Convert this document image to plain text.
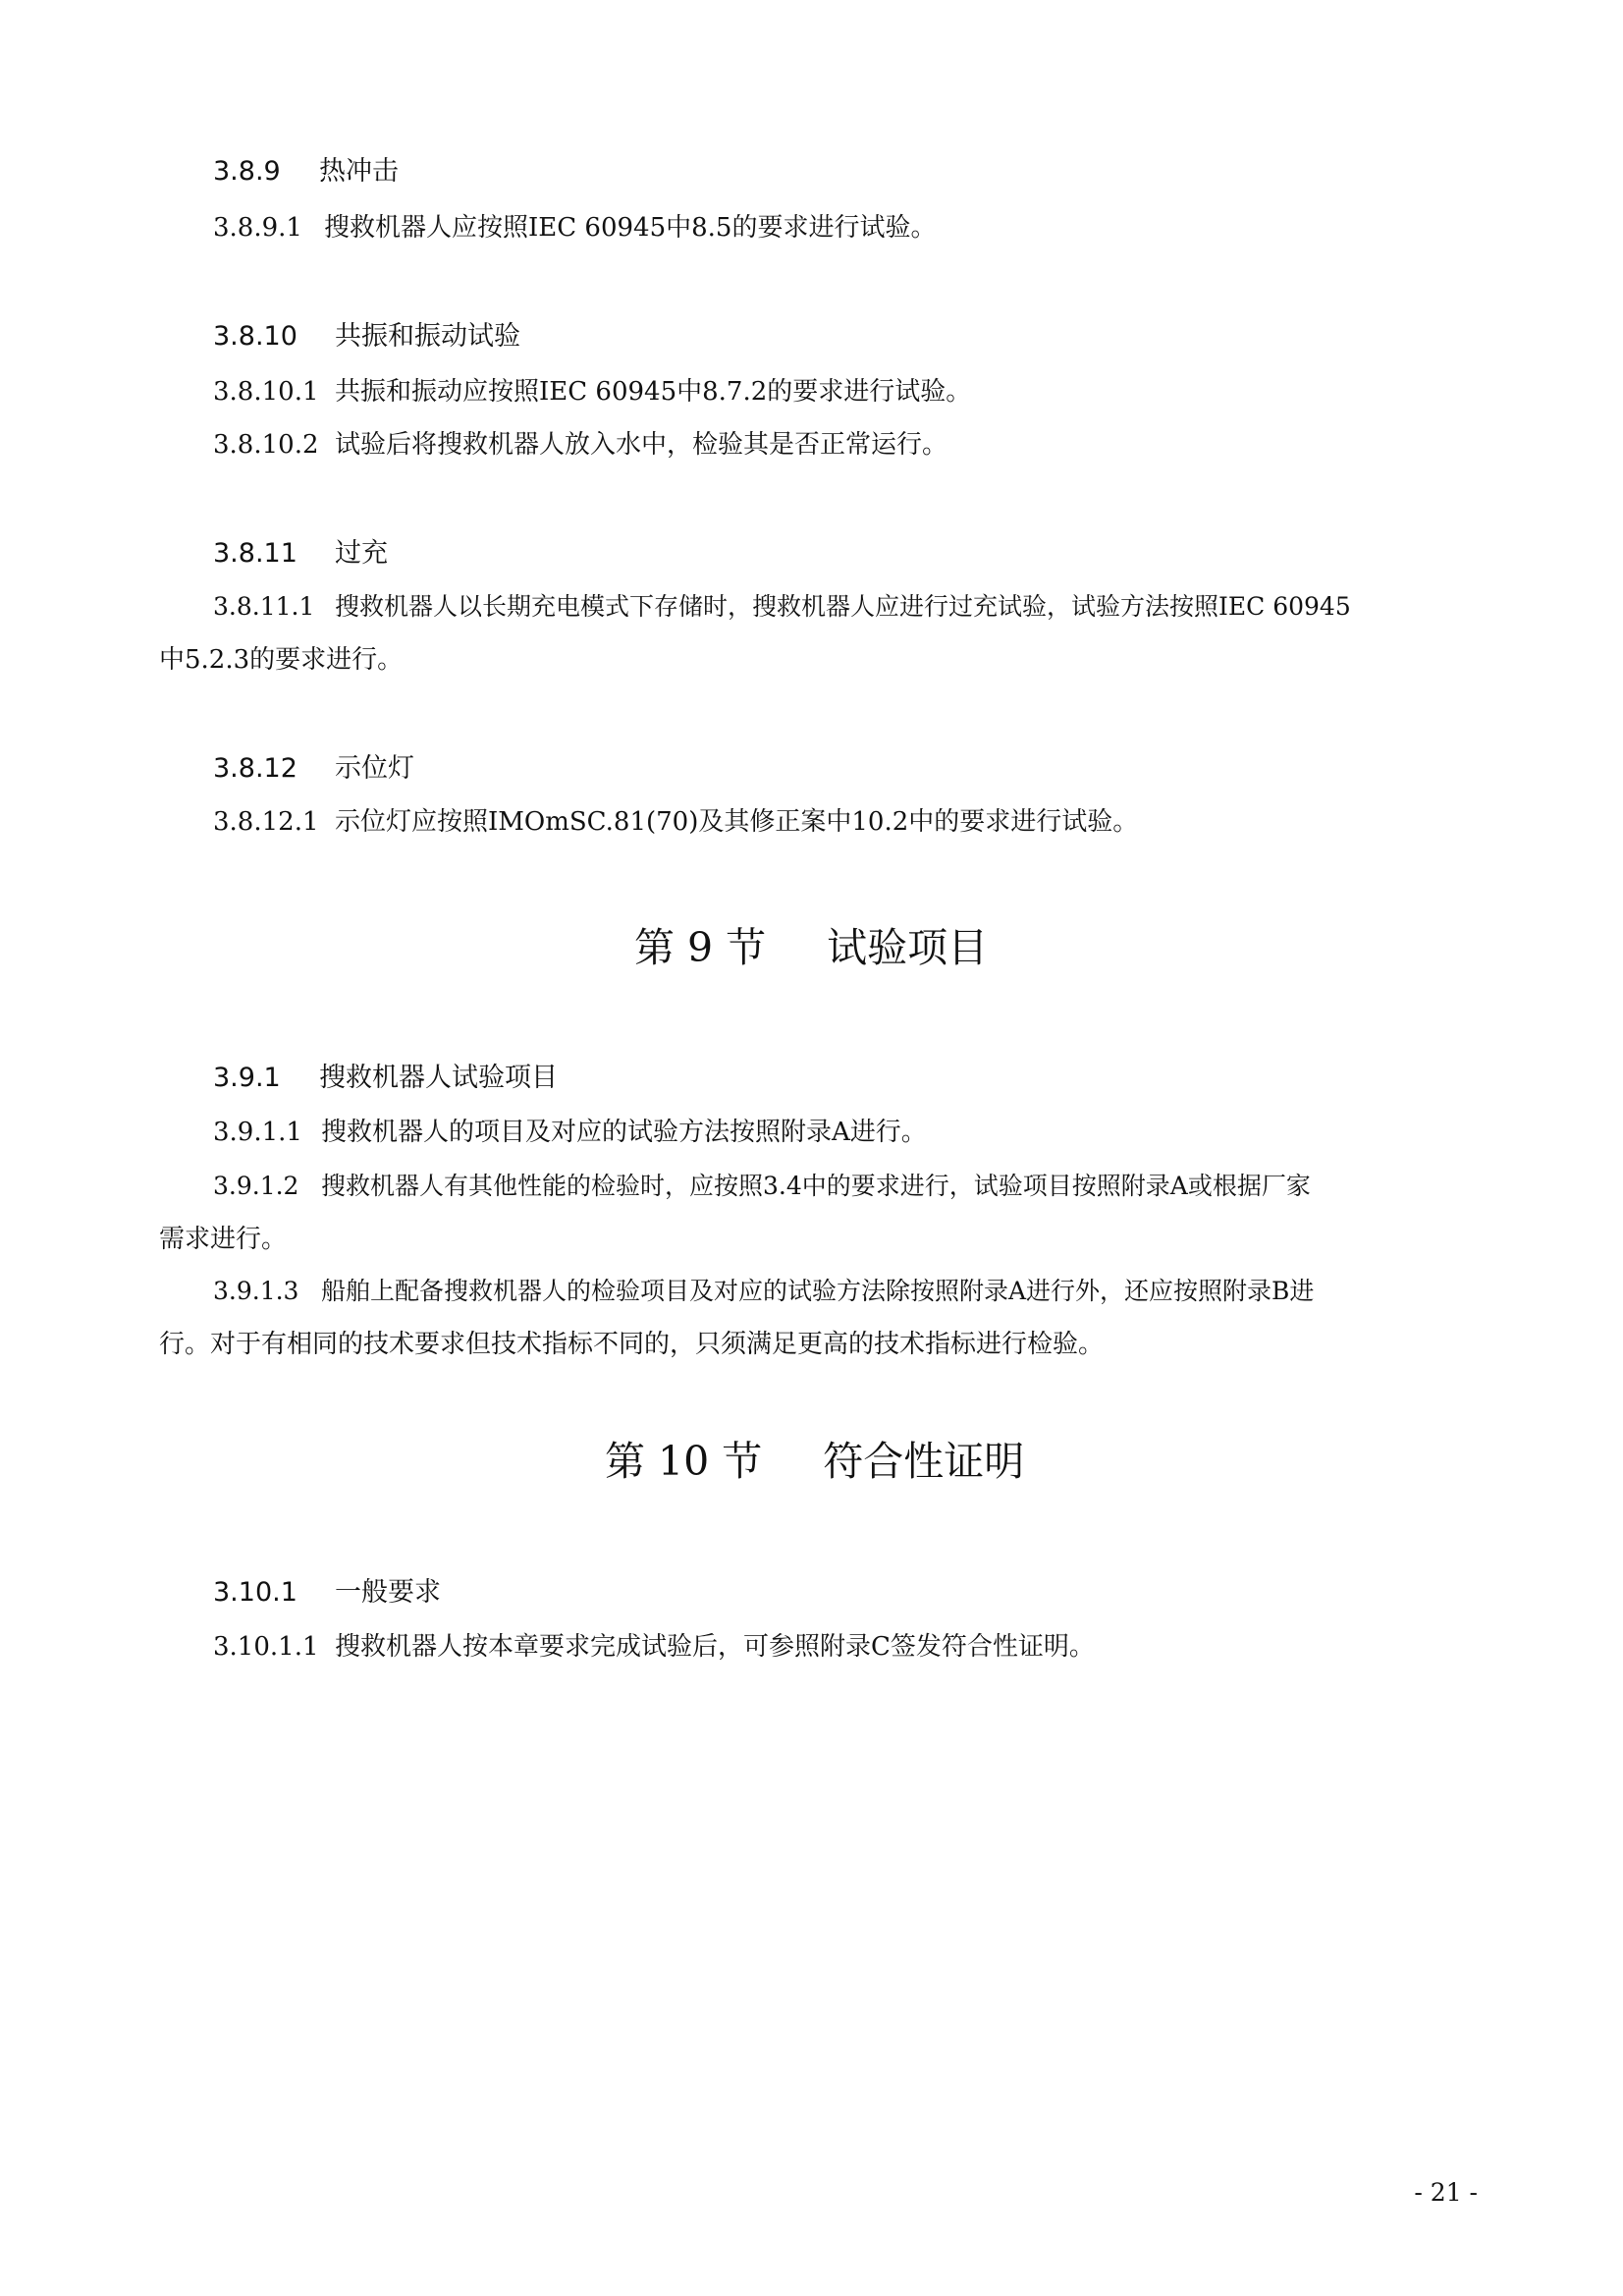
3.8.9 热冲击
3.8.9.1 搜救机器人应按照IEC 60945中8.5的要求进行试验。
3.8.10 共振和振动试验
3.8.10.1 共振和振动应按照IEC 60945中8.7.2的要求进行试验。
3.8.10.2 试验后将搜救机器人放入水中，检验其是否正常运行。
3.8.11 过充
3.8.11.1 搜救机器人以长期充电模式下存储时，搜救机器人应进行过充试验，试验方法按照IEC 60945
中5.2.3的要求进行。
3.8.12 示位灯
3.8.12.1 示位灯应按照IMOmSC.81(70)及其修正案中10.2中的要求进行试验。
第 9 节 试验项目
3.9.1 搜救机器人试验项目
3.9.1.1 搜救机器人的项目及对应的试验方法按照附录A进行。
3.9.1.2 搜救机器人有其他性能的检验时，应按照3.4中的要求进行，试验项目按照附录A或根据厂家
需求进行。
3.9.1.3 船舶上配备搜救机器人的检验项目及对应的试验方法除按照附录A进行外，还应按照附录B进
行。对于有相同的技术要求但技术指标不同的，只须满足更高的技术指标进行检验。
第 10 节 符合性证明
3.10.1 一般要求
3.10.1.1 搜救机器人按本章要求完成试验后，可参照附录C签发符合性证明。
- 21 -
